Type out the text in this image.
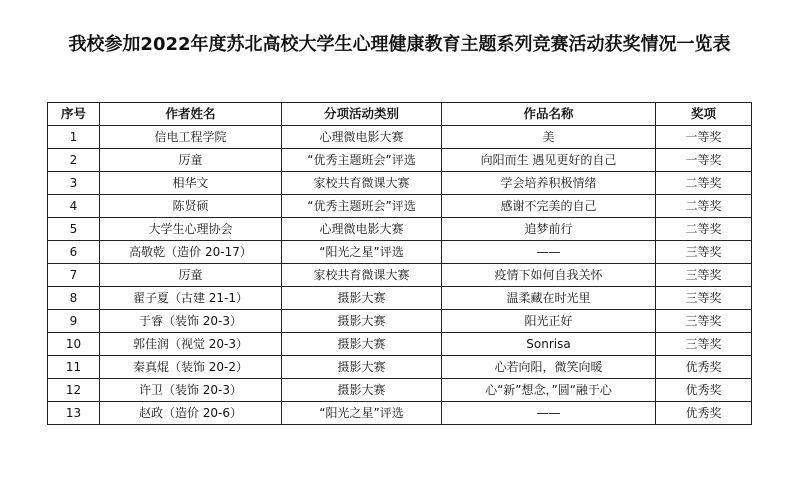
我校参加2022年度苏北高校大学生心理健康教育主题系列竞赛活动获奖情况一览表
序号	作者姓名	分项活动类别	作品名称	奖项
1	信电工程学院	心理微电影大赛	美	一等奖
2	厉童	“优秀主题班会”评选	向阳而生 遇见更好的自己	一等奖
3	相华文	家校共育微课大赛	学会培养积极情绪	二等奖
4	陈贤硕	“优秀主题班会”评选	感谢不完美的自己	二等奖
5	大学生心理协会	心理微电影大赛	追梦前行	二等奖
6	高敬乾（造价 20-17）	“阳光之星”评选	——	三等奖
7	厉童	家校共育微课大赛	疫情下如何自我关怀	三等奖
8	翟子夏（古建 21-1）	摄影大赛	温柔藏在时光里	三等奖
9	于睿（装饰 20-3）	摄影大赛	阳光正好	三等奖
10	郭佳润（视觉 20-3）	摄影大赛	Sonrisa	三等奖
11	秦真焜（装饰 20-2）	摄影大赛	心若向阳，微笑向暖	优秀奖
12	许卫（装饰 20-3）	摄影大赛	心“新”想念，”圆“融于心	优秀奖
13	赵政（造价 20-6）	“阳光之星”评选	——	优秀奖
